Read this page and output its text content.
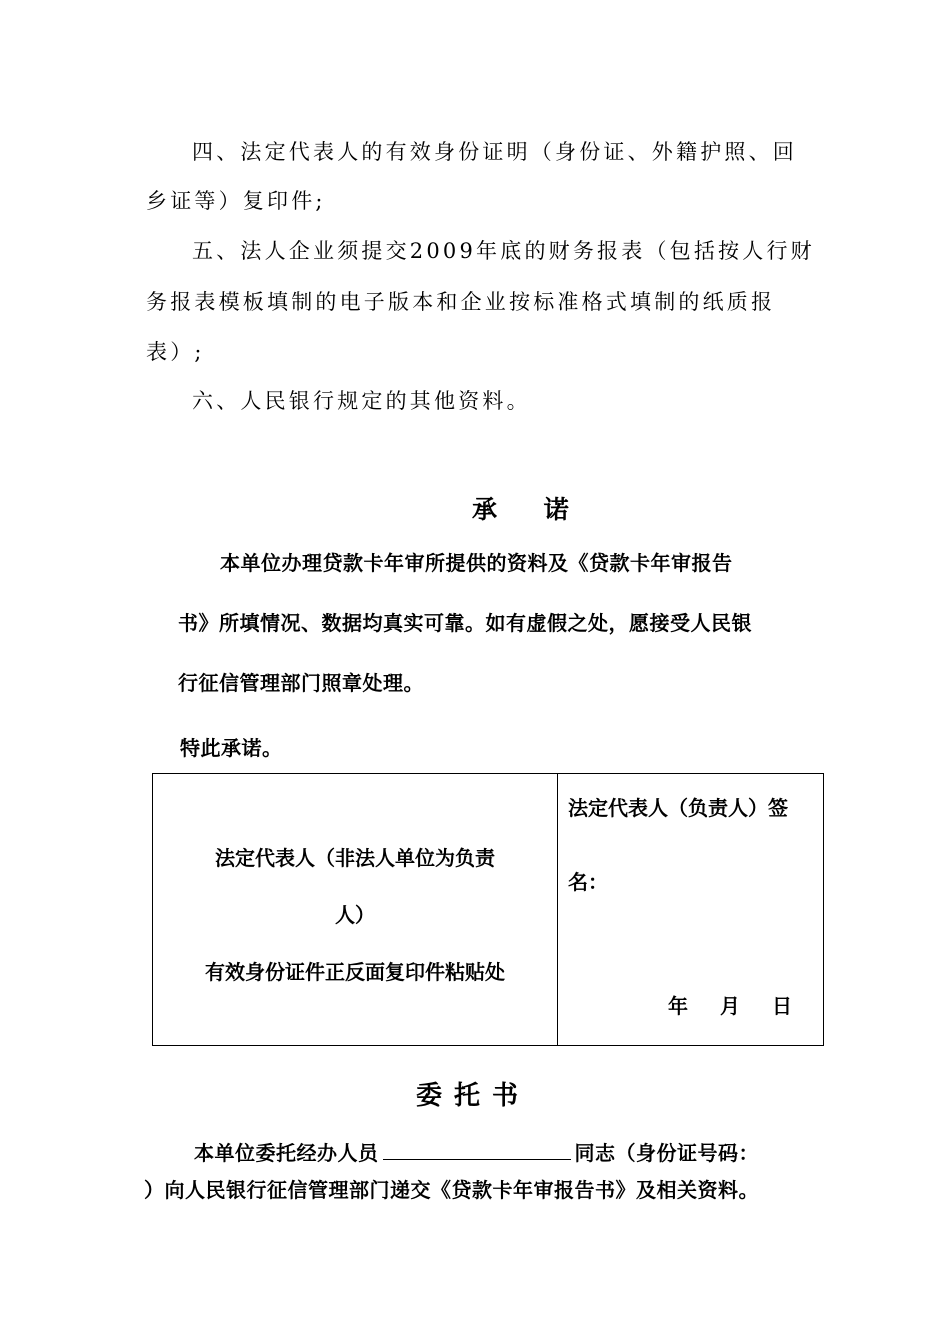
四、法定代表人的有效身份证明（身份证、外籍护照、回
乡证等）复印件;
五、法人企业须提交2009年底的财务报表（包括按人行财
务报表模板填制的电子版本和企业按标准格式填制的纸质报
表）;
六、人民银行规定的其他资料。
承 诺
本单位办理贷款卡年审所提供的资料及《贷款卡年审报告
书》所填情况、数据均真实可靠。如有虚假之处，愿接受人民银
行征信管理部门照章处理。
特此承诺。
法定代表人（非法人单位为负责
人）
有效身份证件正反面复印件粘贴处

法定代表人（负责人）签
名：
年 月 日
委托书
本单位委托经办人员	同志（身份证号码：
）向人民银行征信管理部门递交《贷款卡年审报告书》及相关资料。
